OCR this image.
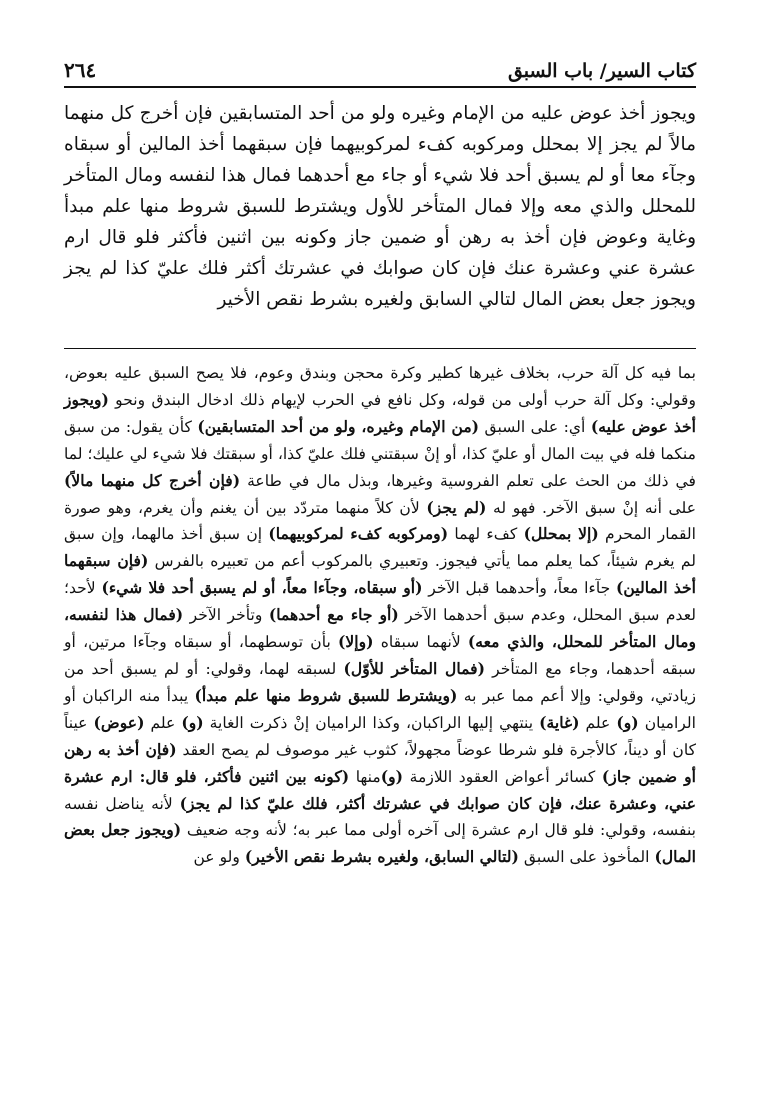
٢٦٤	كتاب السير/ باب السبق

ويجوز أخذ عوض عليه من الإمام وغيره ولو من أحد المتسابقين فإن أخرج كل منهما مالاً لم يجز إلا بمحلل ومركوبه كفء لمركوبيهما فإن سبقهما أخذ المالين أو سبقاه وجآء معا أو لم يسبق أحد فلا شيء أو جاء مع أحدهما فمال هذا لنفسه ومال المتأخر للمحلل والذي معه وإلا فمال المتأخر للأول ويشترط للسبق شروط منها علم مبدأ وغاية وعوض فإن أخذ به رهن أو ضمين جاز وكونه بين اثنين فأكثر فلو قال ارم عشرة عني وعشرة عنك فإن كان صوابك في عشرتك أكثر فلك عليّ كذا لم يجز ويجوز جعل بعض المال لتالي السابق ولغيره بشرط نقص الأخير

بما فيه كل آلة حرب، بخلاف غيرها كطير وكرة محجن وبندق وعوم، فلا يصح السبق عليه بعوض، وقولي: وكل آلة حرب أولى من قوله، وكل نافع في الحرب لإيهام ذلك ادخال البندق ونحو (ويجوز أخذ عوض عليه) أي: على السبق (من الإمام وغيره، ولو من أحد المتسابقين) كأن يقول: من سبق منكما فله في بيت المال أو عليّ كذا، أو إنْ سبقتني فلك عليّ كذا، أو سبقتك فلا شيء لي عليك؛ لما في ذلك من الحث على تعلم الفروسية وغيرها، وبذل مال في طاعة (فإن أخرج كل منهما مالاً) على أنه إنْ سبق الآخر. فهو له (لم يجز) لأن كلاً منهما متردّد بين أن يغنم وأن يغرم، وهو صورة القمار المحرم (إلا بمحلل) كفء لهما (ومركوبه كفء لمركوبيهما) إن سبق أخذ مالهما، وإن سبق لم يغرم شيئاً، كما يعلم مما يأتي فيجوز. وتعبيري بالمركوب أعم من تعبيره بالفرس (فإن سبقهما أخذ المالين) جآءا معاً، وأحدهما قبل الآخر (أو سبقاه، وجآءا معاً، أو لم يسبق أحد فلا شيء) لأحد؛ لعدم سبق المحلل، وعدم سبق أحدهما الآخر (أو جاء مع أحدهما) وتأخر الآخر (فمال هذا لنفسه، ومال المتأخر للمحلل، والذي معه) لأنهما سبقاه (وإلا) بأن توسطهما، أو سبقاه وجآءا مرتين، أو سبقه أحدهما، وجاء مع المتأخر (فمال المتأخر للأوّل) لسبقه لهما، وقولي: أو لم يسبق أحد من زيادتي، وقولي: وإلا أعم مما عبر به (ويشترط للسبق شروط منها علم مبدأ) يبدأ منه الراكبان أو الراميان (و) علم (غاية) ينتهي إليها الراكبان، وكذا الراميان إنْ ذكرت الغاية (و) علم (عوض) عيناً كان أو ديناً، كالأجرة فلو شرطا عوضاً مجهولاً، كثوب غير موصوف لم يصح العقد (فإن أخذ به رهن أو ضمين جاز) كسائر أعواض العقود اللازمة (و)منها (كونه بين اثنين فأكثر، فلو قال: ارم عشرة عني، وعشرة عنك، فإن كان صوابك في عشرتك أكثر، فلك عليّ كذا لم يجز) لأنه يناضل نفسه بنفسه، وقولي: فلو قال ارم عشرة إلى آخره أولى مما عبر به؛ لأنه وجه ضعيف (ويجوز جعل بعض المال) المأخوذ على السبق (لتالي السابق، ولغيره بشرط نقص الأخير) ولو عن
